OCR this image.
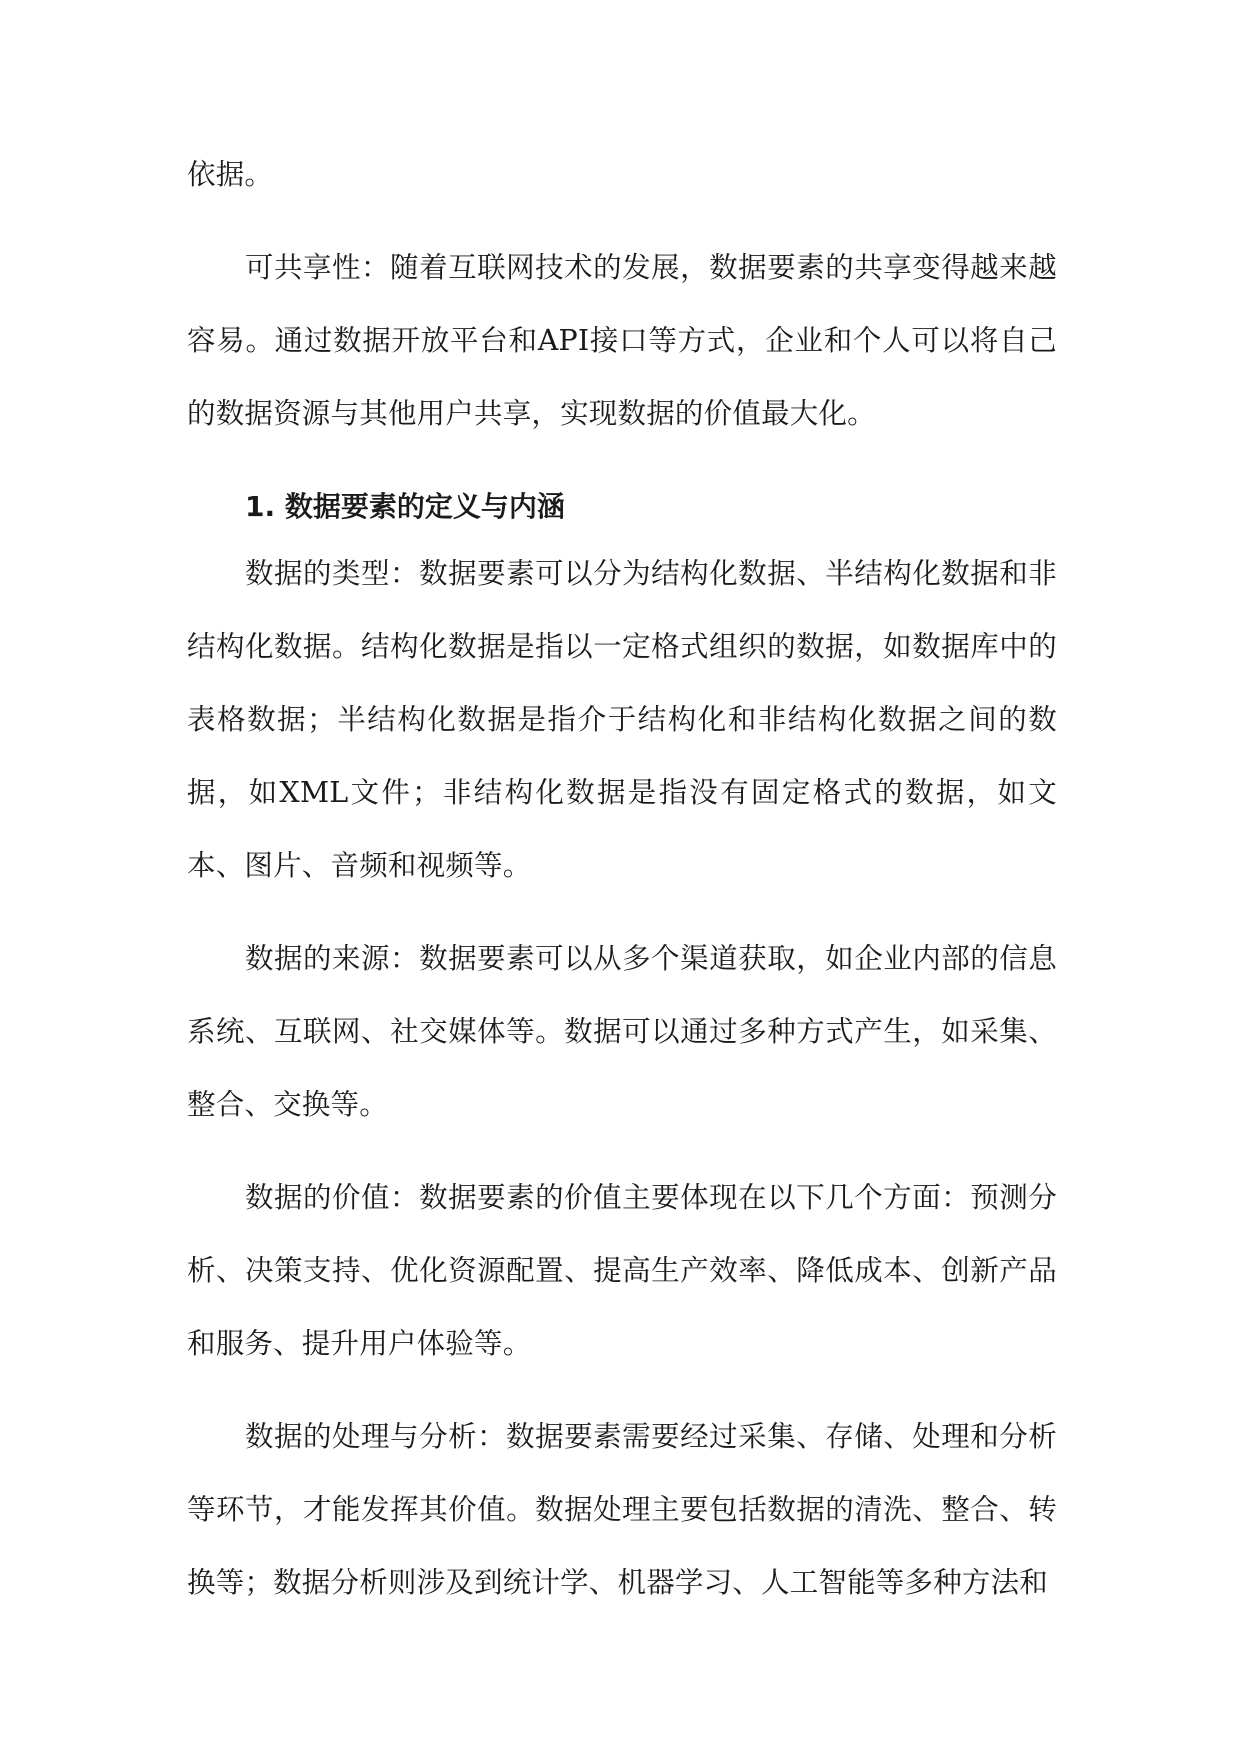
依据。

可共享性：随着互联网技术的发展，数据要素的共享变得越来越容易。通过数据开放平台和API接口等方式，企业和个人可以将自己的数据资源与其他用户共享，实现数据的价值最大化。

1. 数据要素的定义与内涵

数据的类型：数据要素可以分为结构化数据、半结构化数据和非结构化数据。结构化数据是指以一定格式组织的数据，如数据库中的表格数据；半结构化数据是指介于结构化和非结构化数据之间的数据，如XML文件；非结构化数据是指没有固定格式的数据，如文本、图片、音频和视频等。

数据的来源：数据要素可以从多个渠道获取，如企业内部的信息系统、互联网、社交媒体等。数据可以通过多种方式产生，如采集、整合、交换等。

数据的价值：数据要素的价值主要体现在以下几个方面：预测分析、决策支持、优化资源配置、提高生产效率、降低成本、创新产品和服务、提升用户体验等。

数据的处理与分析：数据要素需要经过采集、存储、处理和分析等环节，才能发挥其价值。数据处理主要包括数据的清洗、整合、转换等；数据分析则涉及到统计学、机器学习、人工智能等多种方法和
